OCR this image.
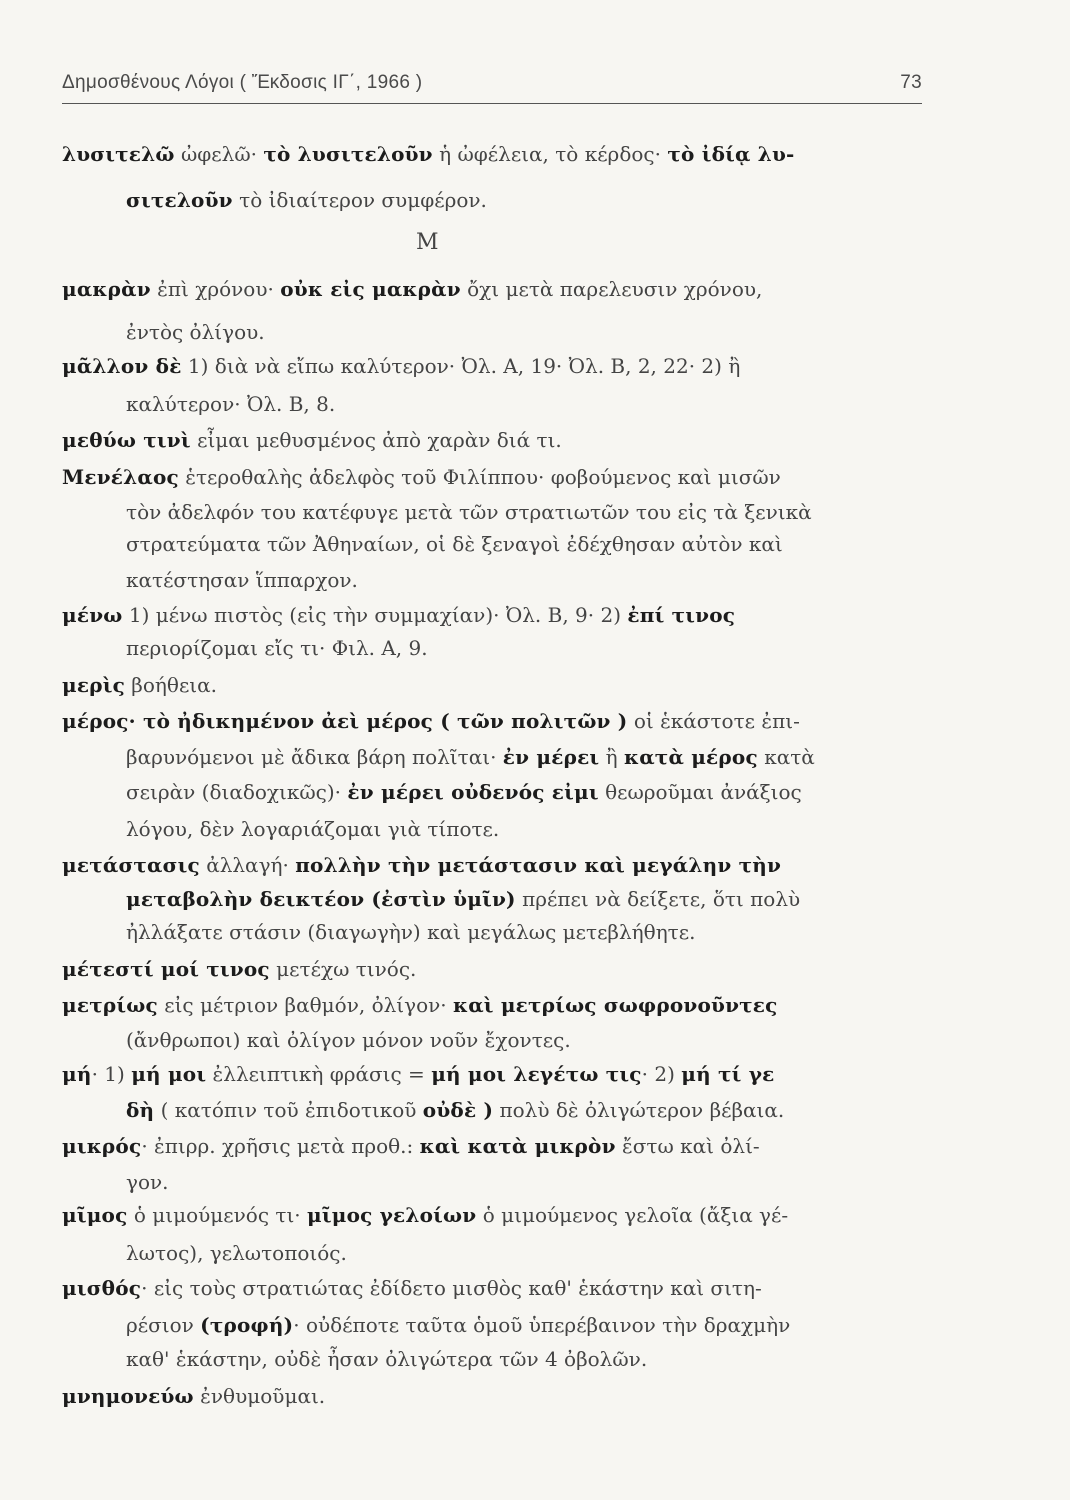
Δημοσθένους Λόγοι ( Ἔκδοσις ΙΓ΄, 1966 )	73
Μ
λυσιτελῶ ὠφελῶ· τὸ λυσιτελοῦν ἡ ὠφέλεια, τὸ κέρδος· τὸ ἰδίᾳ λυ-
σιτελοῦν τὸ ἰδιαίτερον συμφέρον.
μακρὰν ἐπὶ χρόνου· οὐκ εἰς μακρὰν ὄχι μετὰ παρελευσιν χρόνου,
ἐντὸς ὀλίγου.
μᾶλλον δὲ 1) διὰ νὰ εἴπω καλύτερον· Ὀλ. Α, 19· Ὀλ. Β, 2, 22· 2) ἢ
καλύτερον· Ὀλ. Β, 8.
μεθύω τινὶ εἶμαι μεθυσμένος ἀπὸ χαρὰν διά τι.
Μενέλαος ἑτεροθαλὴς ἀδελφὸς τοῦ Φιλίππου· φοβούμενος καὶ μισῶν
τὸν ἀδελφόν του κατέφυγε μετὰ τῶν στρατιωτῶν του εἰς τὰ ξενικὰ
στρατεύματα τῶν Ἀθηναίων, οἱ δὲ ξεναγοὶ ἐδέχθησαν αὐτὸν καὶ
κατέστησαν ἵππαρχον.
μένω 1) μένω πιστὸς (εἰς τὴν συμμαχίαν)· Ὀλ. Β, 9· 2) ἐπί τινος
περιορίζομαι εἴς τι· Φιλ. Α, 9.
μερὶς βοήθεια.
μέρος· τὸ ἠδικημένον ἀεὶ μέρος ( τῶν πολιτῶν ) οἱ ἑκάστοτε ἐπι-
βαρυνόμενοι μὲ ἄδικα βάρη πολῖται· ἐν μέρει ἢ κατὰ μέρος κατὰ
σειρὰν (διαδοχικῶς)· ἐν μέρει οὐδενός εἰμι θεωροῦμαι ἀνάξιος
λόγου, δὲν λογαριάζομαι γιὰ τίποτε.
μετάστασις ἀλλαγή· πολλὴν τὴν μετάστασιν καὶ μεγάλην τὴν
μεταβολὴν δεικτέον (ἐστὶν ὑμῖν) πρέπει νὰ δείξετε, ὅτι πολὺ
ἠλλάξατε στάσιν (διαγωγὴν) καὶ μεγάλως μετεβλήθητε.
μέτεστί μοί τινος μετέχω τινός.
μετρίως εἰς μέτριον βαθμόν, ὀλίγον· καὶ μετρίως σωφρονοῦντες
(ἄνθρωποι) καὶ ὀλίγον μόνον νοῦν ἔχοντες.
μή· 1) μή μοι ἐλλειπτικὴ φράσις = μή μοι λεγέτω τις· 2) μή τί γε
δὴ ( κατόπιν τοῦ ἐπιδοτικοῦ οὐδὲ ) πολὺ δὲ ὀλιγώτερον βέβαια.
μικρός· ἐπιρρ. χρῆσις μετὰ προθ.: καὶ κατὰ μικρὸν ἔστω καὶ ὀλί-
γον.
μῖμος ὁ μιμούμενός τι· μῖμος γελοίων ὁ μιμούμενος γελοῖα (ἄξια γέ-
λωτος), γελωτοποιός.
μισθός· εἰς τοὺς στρατιώτας ἐδίδετο μισθὸς καθ' ἑκάστην καὶ σιτη-
ρέσιον (τροφή)· οὐδέποτε ταῦτα ὁμοῦ ὑπερέβαινον τὴν δραχμὴν
καθ' ἑκάστην, οὐδὲ ἦσαν ὀλιγώτερα τῶν 4 ὀβολῶν.
μνημονεύω ἐνθυμοῦμαι.
